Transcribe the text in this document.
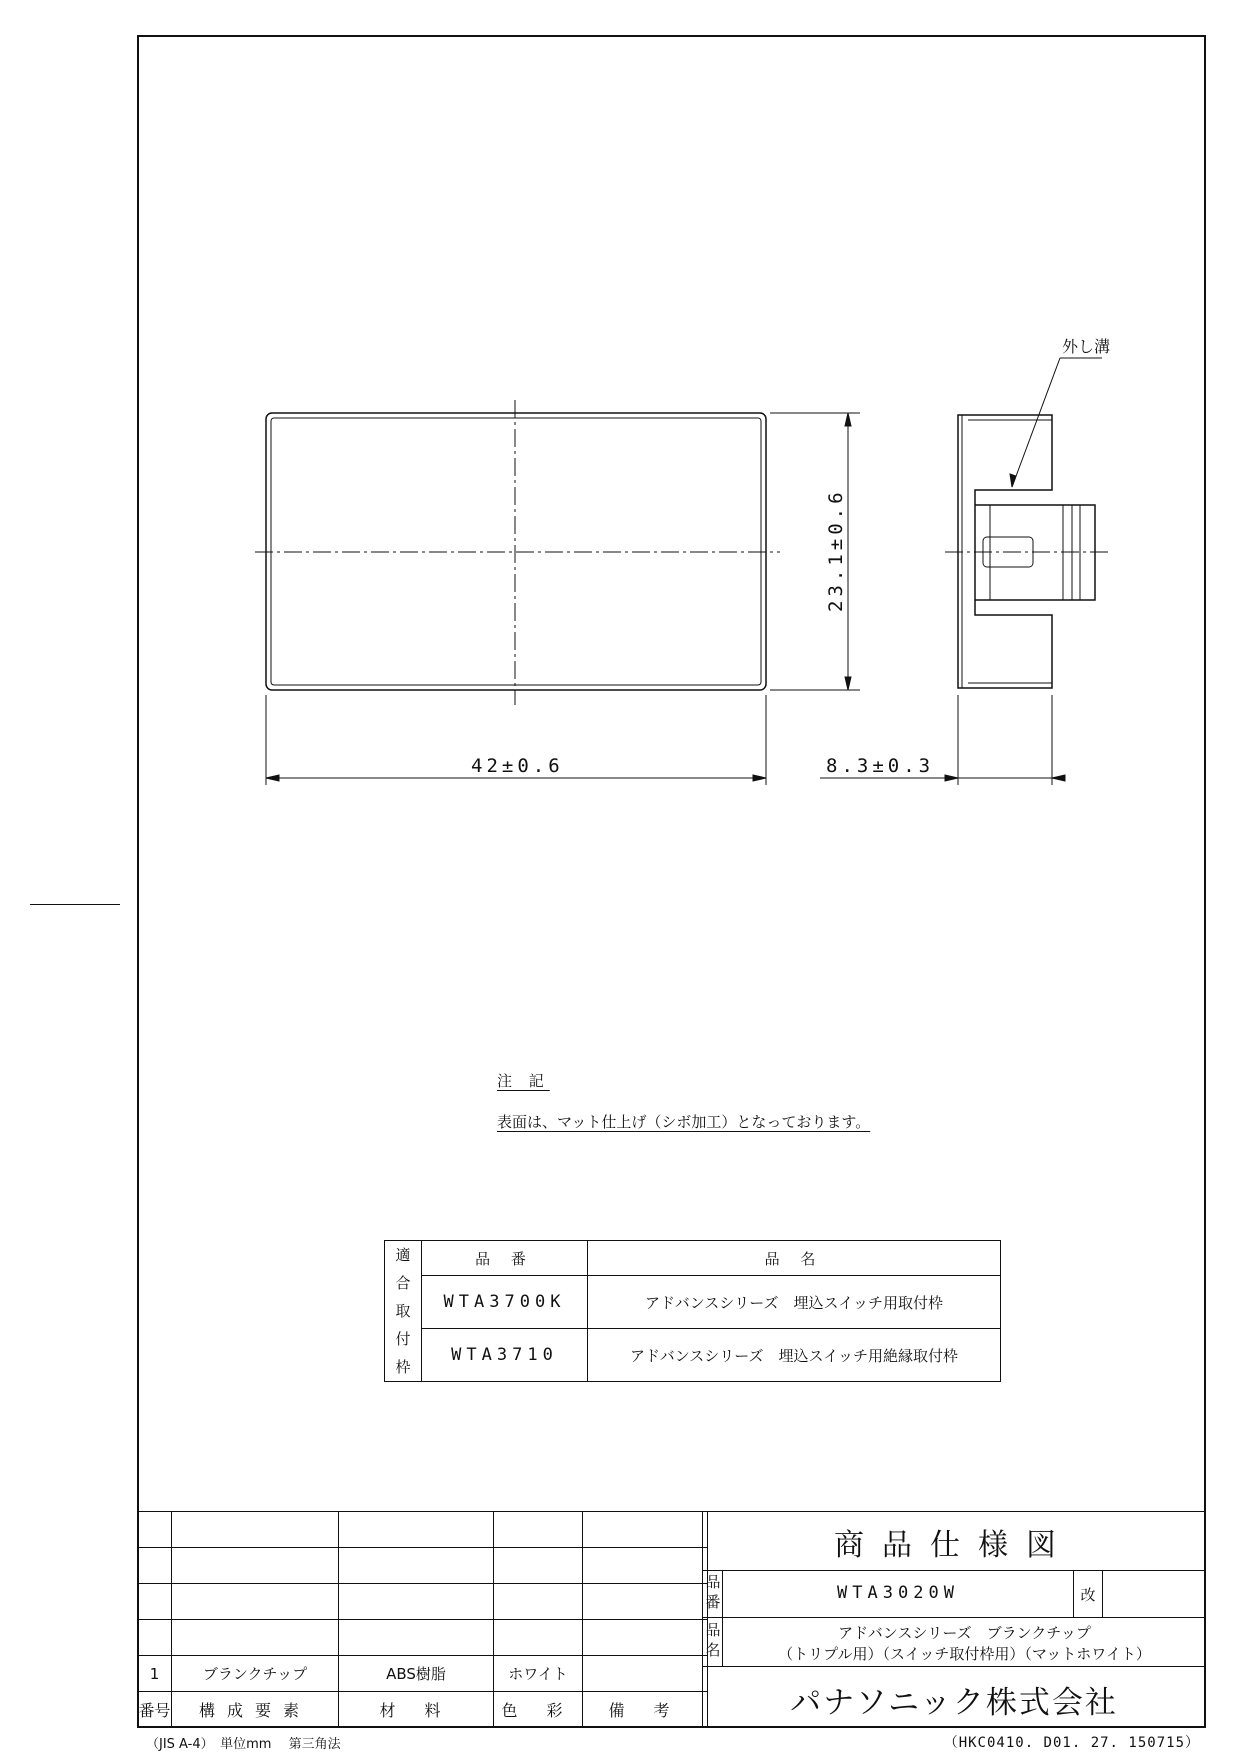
外し溝
23.1±0.6
42±0.6	8.3±0.3
注 記
表面は、マット仕上げ（シボ加工）となっております。
適
合
取
付
枠	品 番	品 名
	WTA3700K	アドバンスシリーズ　埋込スイッチ用取付枠
	WTA3710	アドバンスシリーズ　埋込スイッチ用絶縁取付枠

1	ブランクチップ	ABS樹脂	ホワイト	
番号	構成要素	材 料	色 彩	備 考
商品仕様図
品番	WTA3020W	改
品名
アドバンスシリーズ　ブランクチップ
（トリプル用）（スイッチ取付枠用）（マットホワイト）
パナソニック株式会社
（JIS A-4）　単位mm　 第三角法	（HKC0410. D01. 27. 150715）
